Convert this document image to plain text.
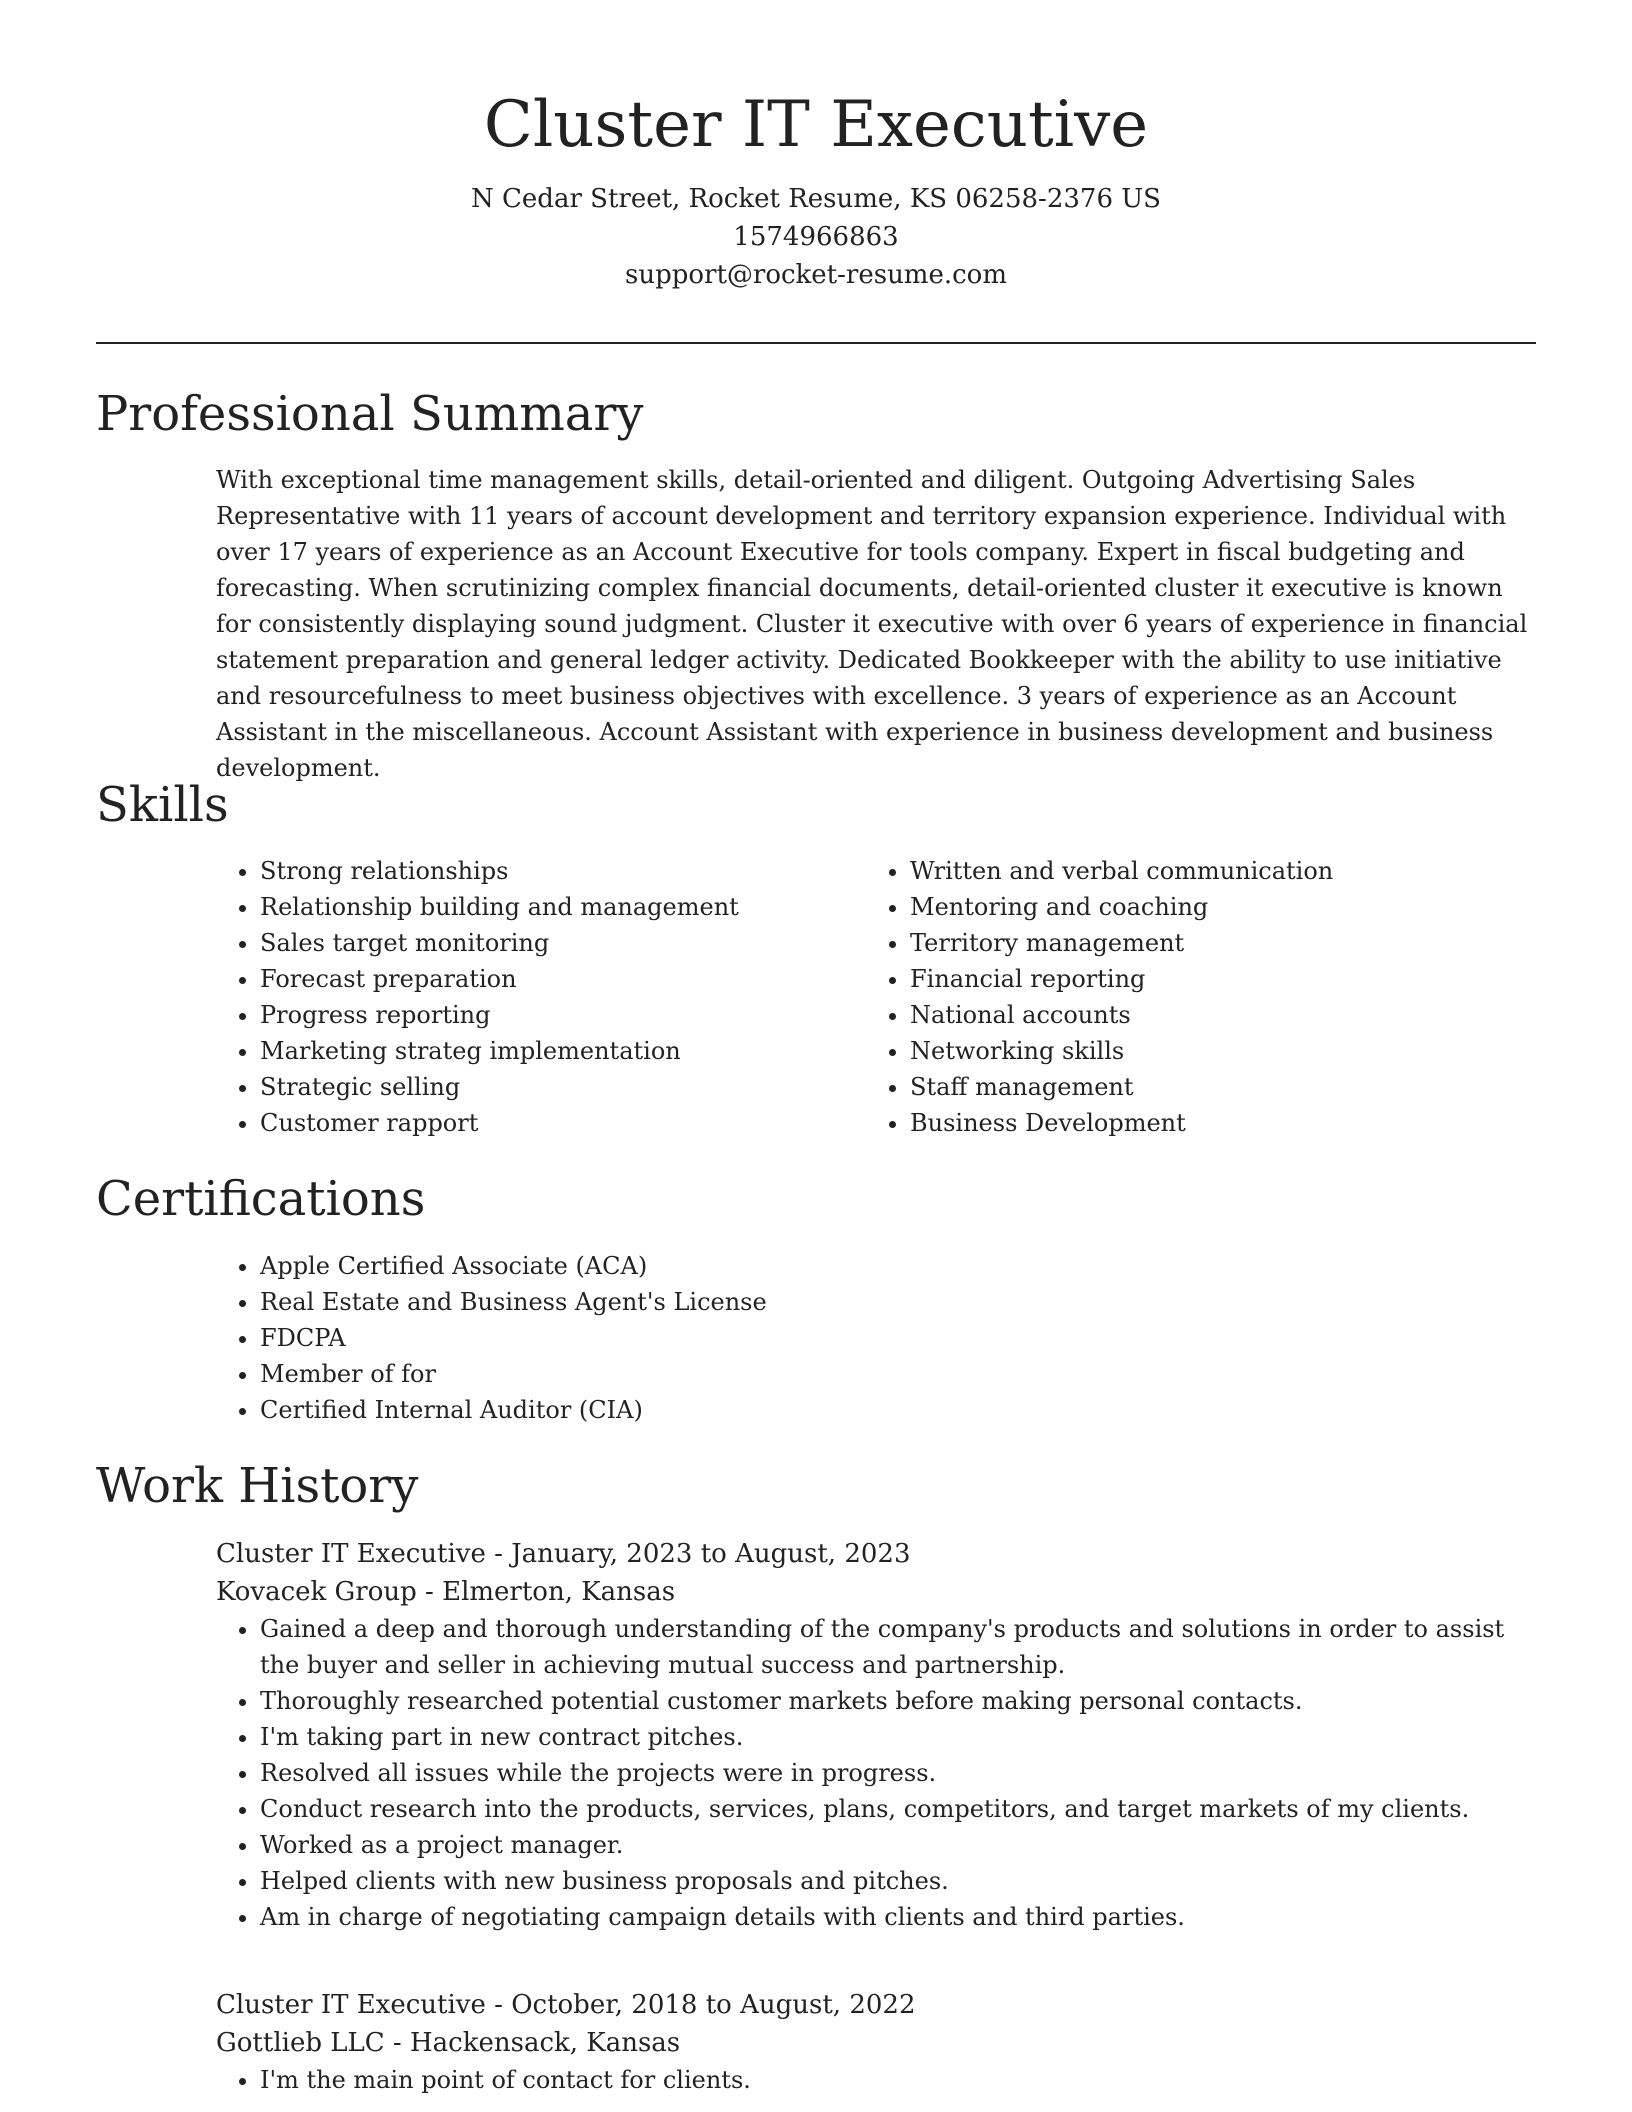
Cluster IT Executive

N Cedar Street, Rocket Resume, KS 06258-2376 US

1574966863

support@rocket-resume.com

Professional Summary

With exceptional time management skills, detail-oriented and diligent. Outgoing Advertising Sales Representative with 11 years of account development and territory expansion experience. Individual with over 17 years of experience as an Account Executive for tools company. Expert in fiscal budgeting and forecasting. When scrutinizing complex financial documents, detail-oriented cluster it executive is known for consistently displaying sound judgment. Cluster it executive with over 6 years of experience in financial statement preparation and general ledger activity. Dedicated Bookkeeper with the ability to use initiative and resourcefulness to meet business objectives with excellence. 3 years of experience as an Account Assistant in the miscellaneous. Account Assistant with experience in business development and business development.

Skills
• Strong relationships
• Relationship building and management
• Sales target monitoring
• Forecast preparation
• Progress reporting
• Marketing strateg implementation
• Strategic selling
• Customer rapport
• Written and verbal communication
• Mentoring and coaching
• Territory management
• Financial reporting
• National accounts
• Networking skills
• Staff management
• Business Development
Certifications
• Apple Certified Associate (ACA)
• Real Estate and Business Agent's License
• FDCPA
• Member of for
• Certified Internal Auditor (CIA)
Work History

Cluster IT Executive - January, 2023 to August, 2023

Kovacek Group - Elmerton, Kansas

• Gained a deep and thorough understanding of the company's products and solutions in order to assist the buyer and seller in achieving mutual success and partnership.
• Thoroughly researched potential customer markets before making personal contacts.
• I'm taking part in new contract pitches.
• Resolved all issues while the projects were in progress.
• Conduct research into the products, services, plans, competitors, and target markets of my clients.
• Worked as a project manager.
• Helped clients with new business proposals and pitches.
• Am in charge of negotiating campaign details with clients and third parties.

Cluster IT Executive - October, 2018 to August, 2022

Gottlieb LLC - Hackensack, Kansas

• I'm the main point of contact for clients.
